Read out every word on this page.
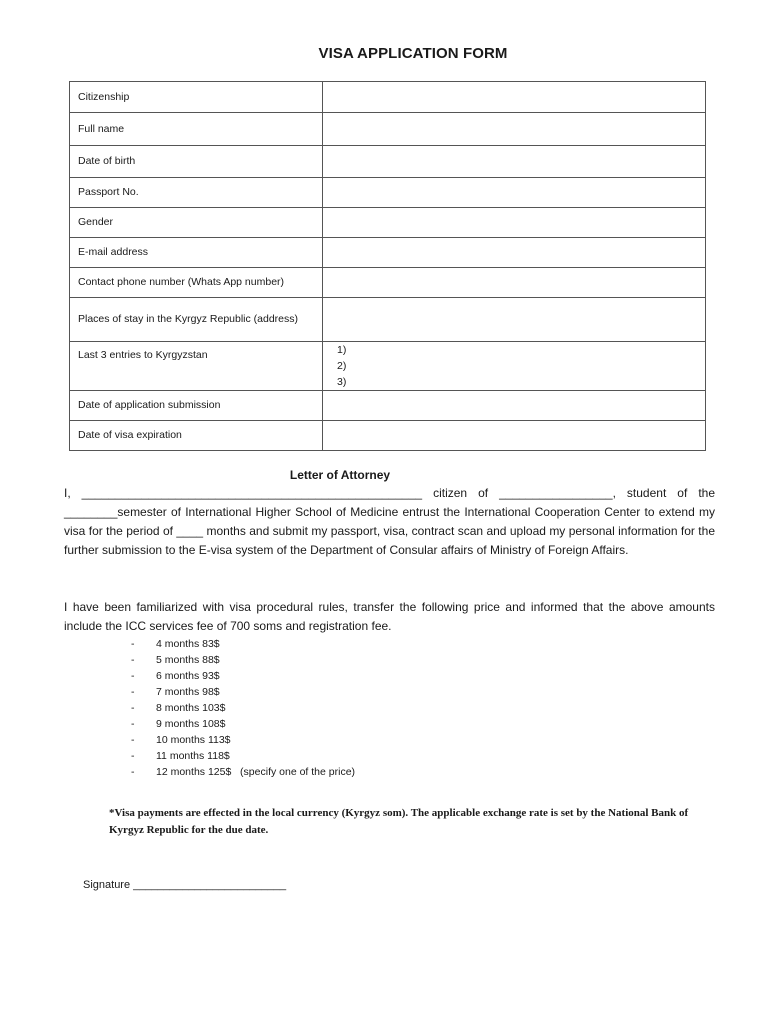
VISA APPLICATION FORM
Citizenship	
Full name	
Date of birth	
Passport No.	
Gender	
E-mail address	
Contact phone number (Whats App number)	
Places of stay in the Kyrgyz Republic (address)	
Last 3 entries to Kyrgyzstan	1)
2)
3)

Date of application submission	
Date of visa expiration	
Letter of Attorney
I, ___________________________________________________ citizen of _________________, student of the
________semester of International Higher School of Medicine entrust the International Cooperation Center to extend my visa for the period of ____ months and submit my passport, visa, contract scan and upload my personal information for the further submission to the E-visa system of the Department of Consular affairs of Ministry of Foreign Affairs.
I have been familiarized with visa procedural rules, transfer the following price and informed that the above amounts include the ICC services fee of 700 soms and registration fee.
- 4 months 83$
- 5 months 88$
- 6 months 93$
- 7 months 98$
- 8 months 103$
- 9 months 108$
- 10 months 113$
- 11 months 118$
- 12 months 125$   (specify one of the price)
*Visa payments are effected in the local currency (Kyrgyz som). The applicable exchange rate is set by the National Bank of Kyrgyz Republic for the due date.
Signature _________________________
